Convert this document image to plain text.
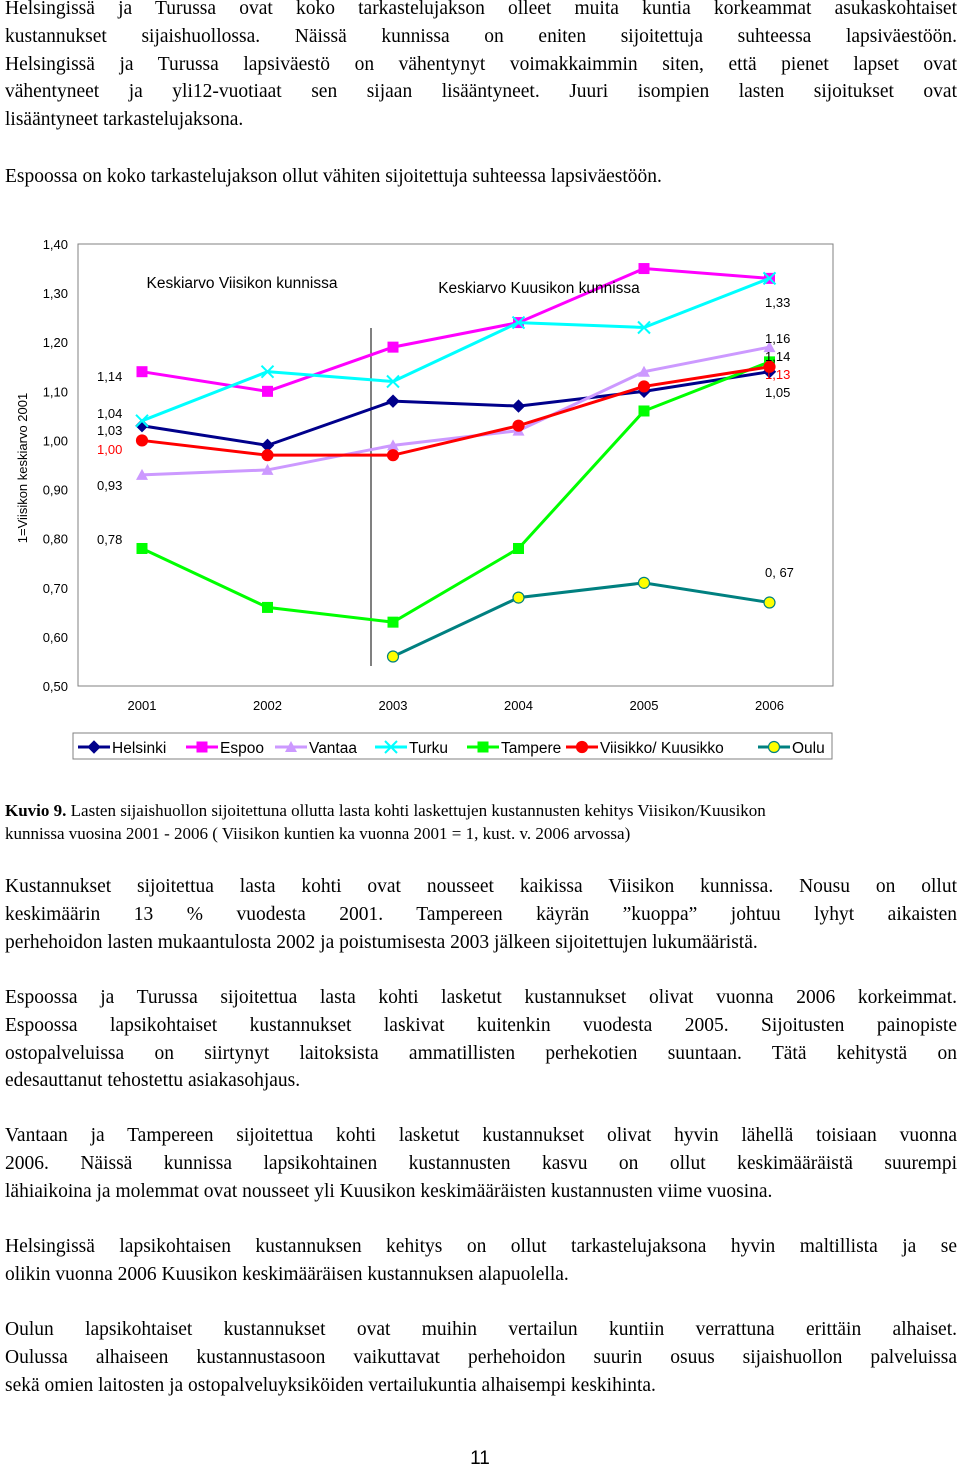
Helsingissä ja Turussa ovat koko tarkastelujakson olleet muita kuntia korkeammat asukaskohtaiset
kustannukset sijaishuollossa. Näissä kunnissa on eniten sijoitettuja suhteessa lapsiväestöön.
Helsingissä ja Turussa lapsiväestö on vähentynyt voimakkaimmin siten, että pienet lapset ovat
vähentyneet ja yli12-vuotiaat sen sijaan lisääntyneet. Juuri isompien lasten sijoitukset ovat
lisääntyneet tarkastelujaksona.

Espoossa on koko tarkastelujakson ollut vähiten sijoitettuja suhteessa lapsiväestöön.

0,50
0,60
0,70
0,80
0,90
1,00
1,10
1,20
1,30
1,40
1=Viisikon keskiarvo 2001
2001	2002	2003	2004	2005	2006
Keskiarvo Viisikon kunnissa	Keskiarvo Kuusikon kunnissa
1,14
1,04
1,03
1,00
0,93
0,78
1,33
1,16
1,14
1,13
1,05
0, 67
Helsinki	Espoo	Vantaa	Turku	Tampere Viisikko/ Kuusikko	Oulu

Kuvio 9. Lasten sijaishuollon sijoitettuna ollutta lasta kohti laskettujen kustannusten kehitys Viisikon/Kuusikon
kunnissa vuosina 2001 - 2006 ( Viisikon kuntien ka vuonna 2001 = 1, kust. v. 2006 arvossa)

Kustannukset sijoitettua lasta kohti ovat nousseet kaikissa Viisikon kunnissa. Nousu on ollut
keskimäärin 13 % vuodesta 2001. Tampereen käyrän ”kuoppa” johtuu lyhyt aikaisten
perhehoidon lasten mukaantulosta 2002 ja poistumisesta 2003 jälkeen sijoitettujen lukumääristä.
Espoossa ja Turussa sijoitettua lasta kohti lasketut kustannukset olivat vuonna 2006 korkeimmat.
Espoossa lapsikohtaiset kustannukset laskivat kuitenkin vuodesta 2005. Sijoitusten painopiste
ostopalveluissa on siirtynyt laitoksista ammatillisten perhekotien suuntaan. Tätä kehitystä on
edesauttanut tehostettu asiakasohjaus.
Vantaan ja Tampereen sijoitettua kohti lasketut kustannukset olivat hyvin lähellä toisiaan vuonna
2006. Näissä kunnissa lapsikohtainen kustannusten kasvu on ollut keskimääräistä suurempi
lähiaikoina ja molemmat ovat nousseet yli Kuusikon keskimääräisten kustannusten viime vuosina.
Helsingissä lapsikohtaisen kustannuksen kehitys on ollut tarkastelujaksona hyvin maltillista ja se
olikin vuonna 2006 Kuusikon keskimääräisen kustannuksen alapuolella.
Oulun lapsikohtaiset kustannukset ovat muihin vertailun kuntiin verrattuna erittäin alhaiset.
Oulussa alhaiseen kustannustasoon vaikuttavat perhehoidon suurin osuus sijaishuollon palveluissa
sekä omien laitosten ja ostopalveluyksiköiden vertailukuntia alhaisempi keskihinta.
11
